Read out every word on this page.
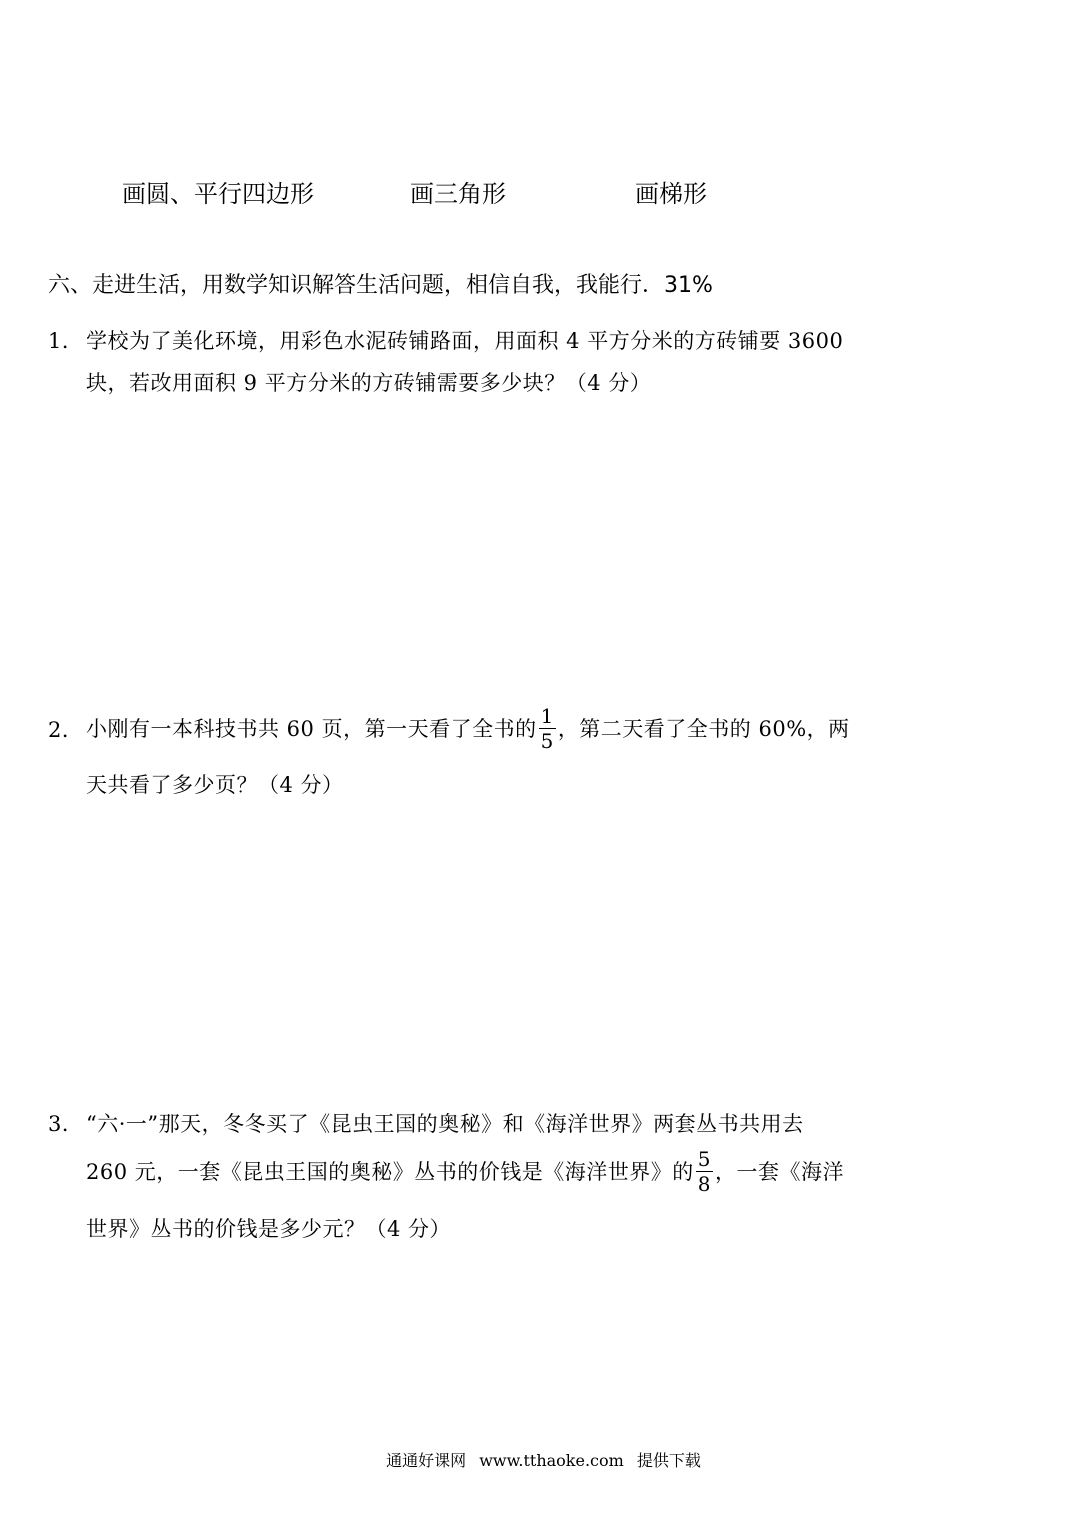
画圆、平行四边形	画三角形	画梯形
六、走进生活，用数学知识解答生活问题，相信自我，我能行．31%
1． 学校为了美化环境，用彩色水泥砖铺路面，用面积 4 平方分米的方砖铺要 3600
块，若改用面积 9 平方分米的方砖铺需要多少块？（4 分）
2． 小刚有一本科技书共 60 页，第一天看了全书的 $\frac{1}{5}$ ，第二天看了全书的 60%，两
天共看了多少页？（4 分）
3． “六·一”那天，冬冬买了《昆虫王国的奥秘》和《海洋世界》两套丛书共用去
260 元，一套《昆虫王国的奥秘》丛书的价钱是《海洋世界》的 $\frac{5}{8}$ ，一套《海洋
世界》丛书的价钱是多少元？（4 分）
通通好课网 www.tthaoke.com 提供下载
